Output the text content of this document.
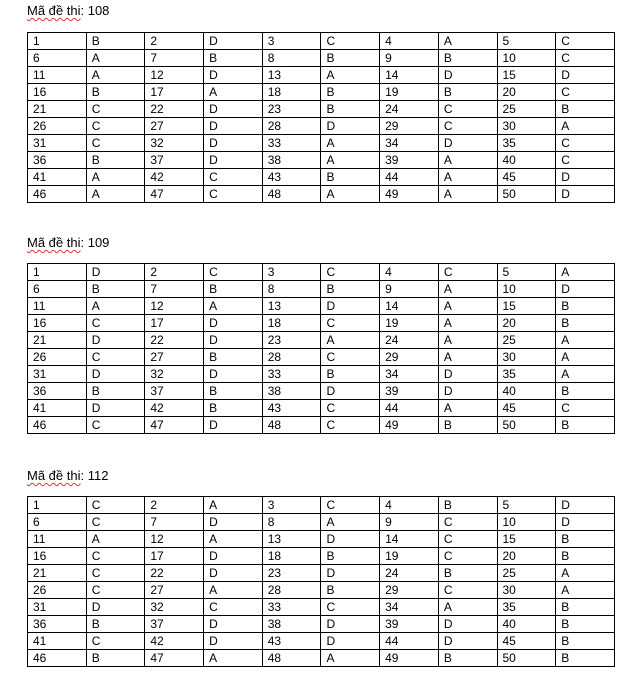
Mã đề thi: 108
1	B	2	D	3	C	4	A	5	C
6	A	7	B	8	B	9	B	10	C
11	A	12	D	13	A	14	D	15	D
16	B	17	A	18	B	19	B	20	C
21	C	22	D	23	B	24	C	25	B
26	C	27	D	28	D	29	C	30	A
31	C	32	D	33	A	34	D	35	C
36	B	37	D	38	A	39	A	40	C
41	A	42	C	43	B	44	A	45	D
46	A	47	C	48	A	49	A	50	D
Mã đề thi: 109
1	D	2	C	3	C	4	C	5	A
6	B	7	B	8	B	9	A	10	D
11	A	12	A	13	D	14	A	15	B
16	C	17	D	18	C	19	A	20	B
21	D	22	D	23	A	24	A	25	A
26	C	27	B	28	C	29	A	30	A
31	D	32	D	33	B	34	D	35	A
36	B	37	B	38	D	39	D	40	B
41	D	42	B	43	C	44	A	45	C
46	C	47	D	48	C	49	B	50	B
Mã đề thi: 112
1	C	2	A	3	C	4	B	5	D
6	C	7	D	8	A	9	C	10	D
11	A	12	A	13	D	14	C	15	B
16	C	17	D	18	B	19	C	20	B
21	C	22	D	23	D	24	B	25	A
26	C	27	A	28	B	29	C	30	A
31	D	32	C	33	C	34	A	35	B
36	B	37	D	38	D	39	D	40	B
41	C	42	D	43	D	44	D	45	B
46	B	47	A	48	A	49	B	50	B
